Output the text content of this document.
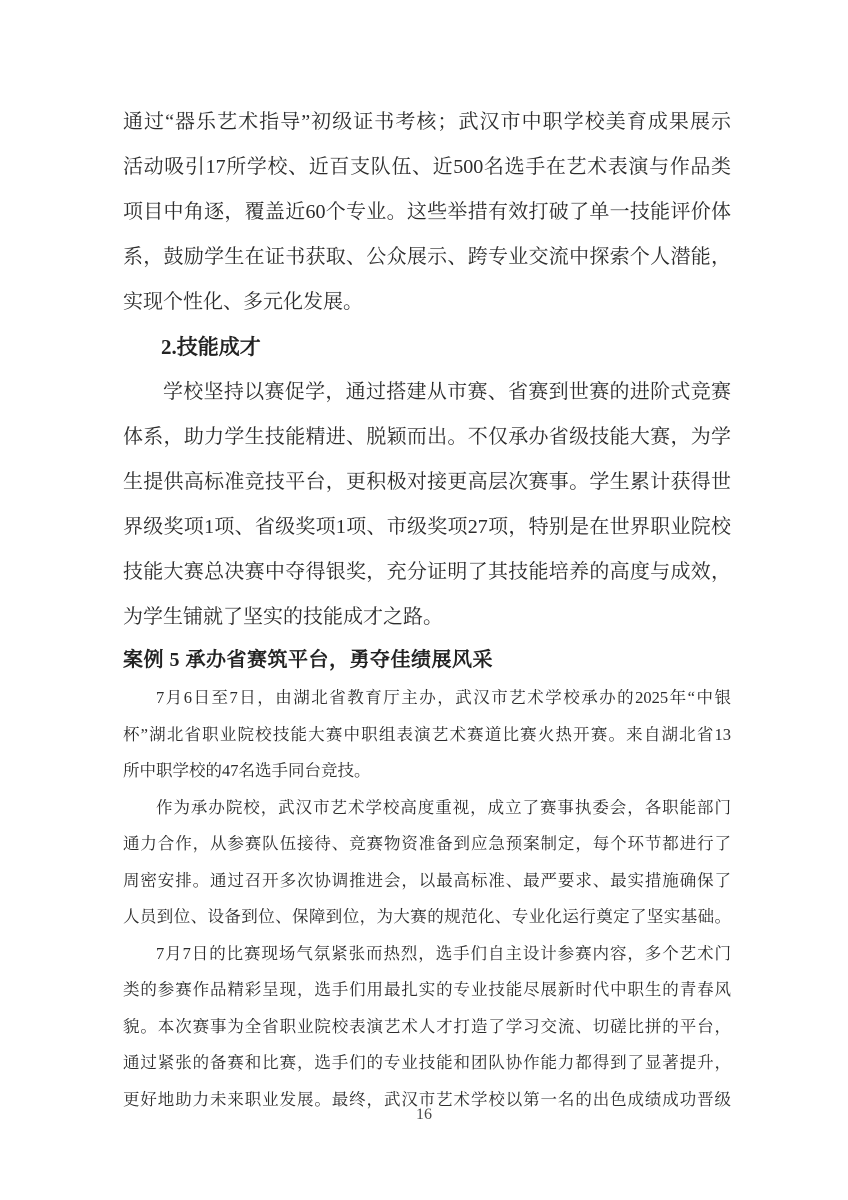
通过“器乐艺术指导”初级证书考核；武汉市中职学校美育成果展示
活动吸引17所学校、近百支队伍、近500名选手在艺术表演与作品类
项目中角逐，覆盖近60个专业。这些举措有效打破了单一技能评价体
系，鼓励学生在证书获取、公众展示、跨专业交流中探索个人潜能，
实现个性化、多元化发展。
2.技能成才
学校坚持以赛促学，通过搭建从市赛、省赛到世赛的进阶式竞赛
体系，助力学生技能精进、脱颖而出。不仅承办省级技能大赛，为学
生提供高标准竞技平台，更积极对接更高层次赛事。学生累计获得世
界级奖项1项、省级奖项1项、市级奖项27项，特别是在世界职业院校
技能大赛总决赛中夺得银奖，充分证明了其技能培养的高度与成效，
为学生铺就了坚实的技能成才之路。
案例 5 承办省赛筑平台，勇夺佳绩展风采
7月6日至7日，由湖北省教育厅主办，武汉市艺术学校承办的2025年“中银
杯”湖北省职业院校技能大赛中职组表演艺术赛道比赛火热开赛。来自湖北省13
所中职学校的47名选手同台竞技。
作为承办院校，武汉市艺术学校高度重视，成立了赛事执委会，各职能部门
通力合作，从参赛队伍接待、竞赛物资准备到应急预案制定，每个环节都进行了
周密安排。通过召开多次协调推进会，以最高标准、最严要求、最实措施确保了
人员到位、设备到位、保障到位，为大赛的规范化、专业化运行奠定了坚实基础。
7月7日的比赛现场气氛紧张而热烈，选手们自主设计参赛内容，多个艺术门
类的参赛作品精彩呈现，选手们用最扎实的专业技能尽展新时代中职生的青春风
貌。本次赛事为全省职业院校表演艺术人才打造了学习交流、切磋比拼的平台，
通过紧张的备赛和比赛，选手们的专业技能和团队协作能力都得到了显著提升，
更好地助力未来职业发展。最终，武汉市艺术学校以第一名的出色成绩成功晋级
16
